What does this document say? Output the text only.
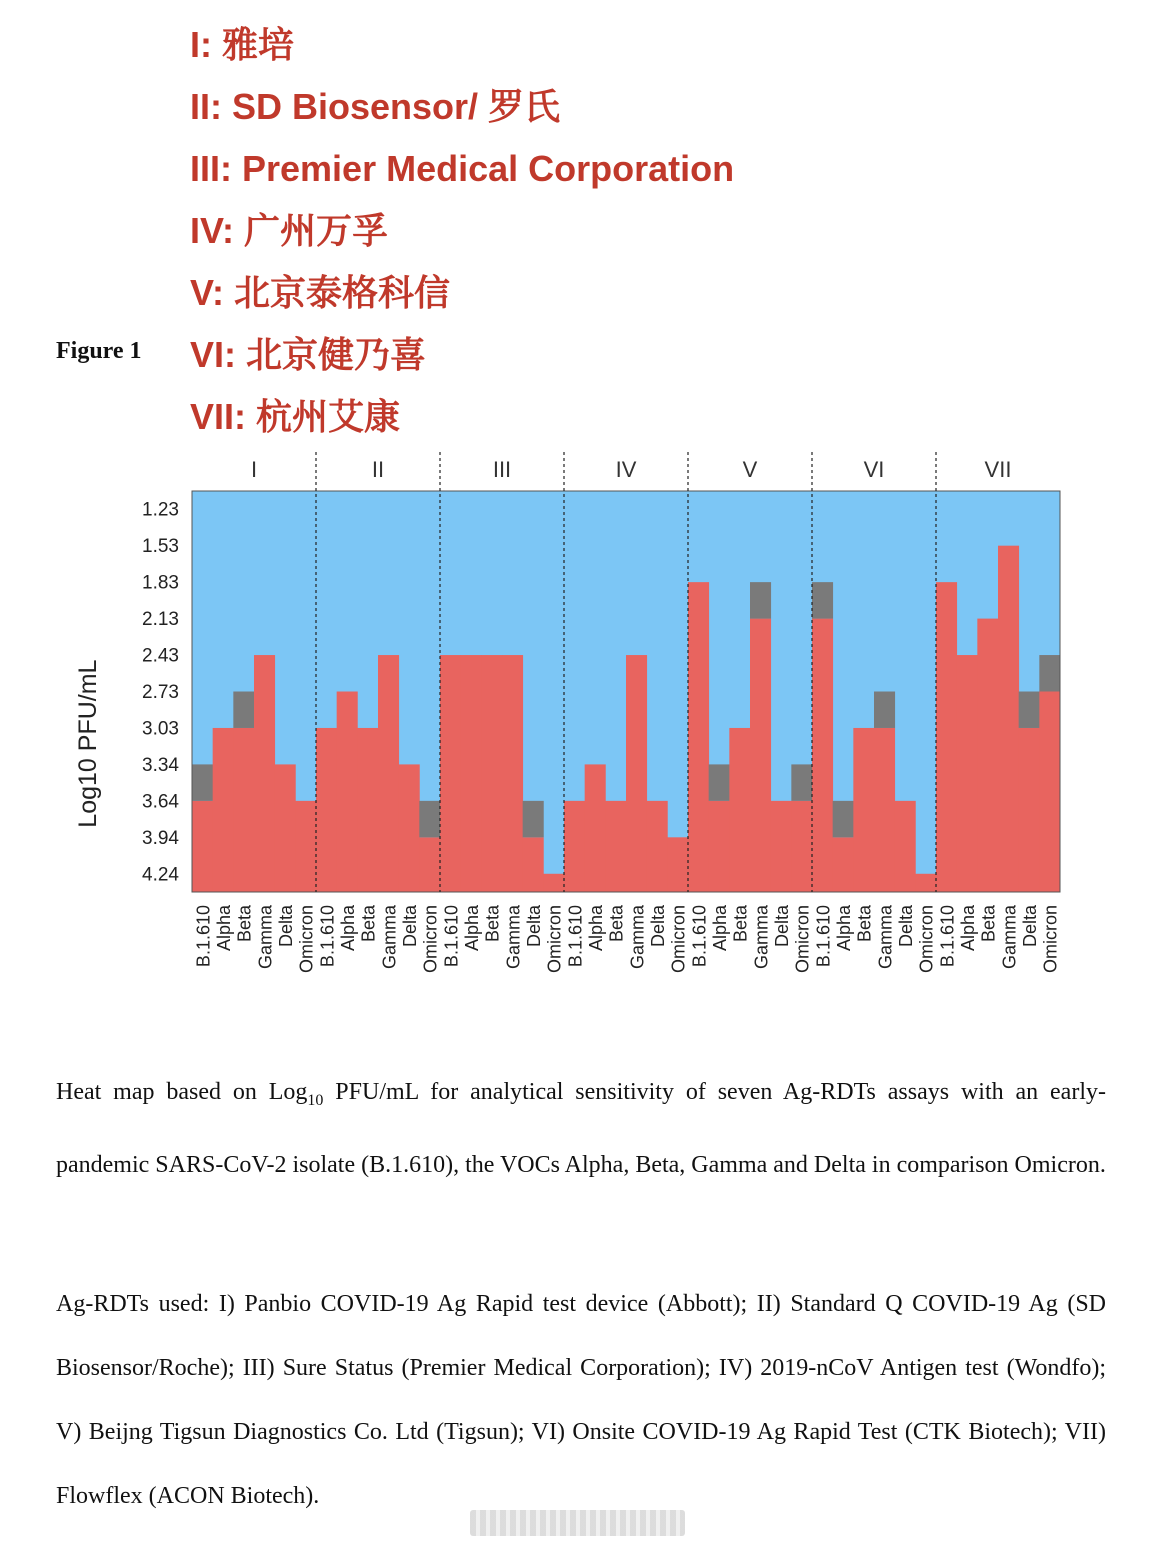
I: 雅培
II: SD Biosensor/ 罗氏
III: Premier Medical Corporation
IV: 广州万孚
V: 北京泰格科信
VI: 北京健乃喜
VII: 杭州艾康
Figure 1
I	II	III	IV	V	VI	VII
1.23
1.53
1.83
2.13
2.43
2.73
3.03
3.34
3.64
3.94
4.24
Log10 PFU/mL
B.1.610 Alpha Beta Gamma Delta Omicron B.1.610 Alpha Beta Gamma Delta Omicron B.1.610 Alpha Beta Gamma Delta Omicron B.1.610 Alpha Beta Gamma Delta Omicron B.1.610 Alpha Beta Gamma Delta Omicron B.1.610 Alpha Beta Gamma Delta Omicron B.1.610 Alpha Beta Gamma Delta Omicron
Heat map based on Log$_{10}$ PFU/mL for analytical sensitivity of seven Ag-RDTs assays with an early-pandemic SARS-CoV-2 isolate (B.1.610), the VOCs Alpha, Beta, Gamma and Delta in comparison Omicron.
Ag-RDTs used: I) Panbio COVID-19 Ag Rapid test device (Abbott); II) Standard Q COVID-19 Ag (SD Biosensor/Roche); III) Sure Status (Premier Medical Corporation); IV) 2019-nCoV Antigen test (Wondfo); V) Beijng Tigsun Diagnostics Co. Ltd (Tigsun); VI) Onsite COVID-19 Ag Rapid Test (CTK Biotech); VII) Flowflex (ACON Biotech).
